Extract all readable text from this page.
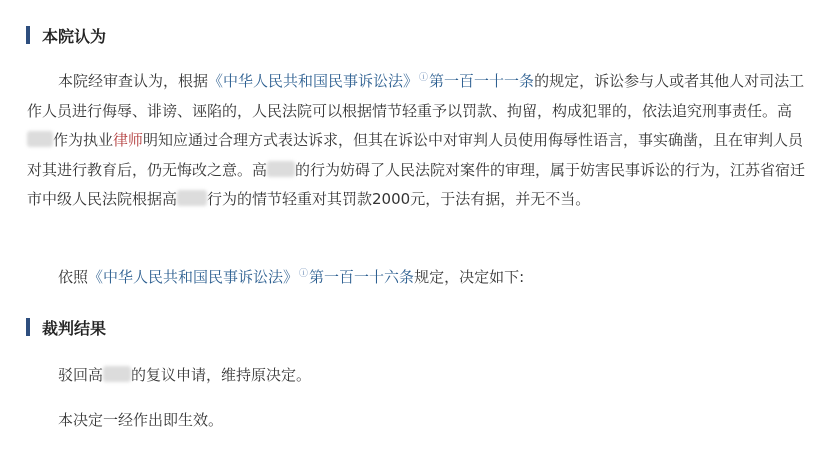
本院认为

本院经审查认为，根据《中华人民共和国民事诉讼法》ⓘ第一百一十一条的规定，诉讼参与人或者其他人对司法工作人员进行侮辱、诽谤、诬陷的，人民法院可以根据情节轻重予以罚款、拘留，构成犯罪的，依法追究刑事责任。高作为执业律师明知应通过合理方式表达诉求，但其在诉讼中对审判人员使用侮辱性语言，事实确凿，且在审判人员对其进行教育后，仍无悔改之意。高 的行为妨碍了人民法院对案件的审理，属于妨害民事诉讼的行为，江苏省宿迁市中级人民法院根据高 行为的情节轻重对其罚款2000元，于法有据，并无不当。

依照《中华人民共和国民事诉讼法》ⓘ第一百一十六条规定，决定如下:

裁判结果

驳回高 的复议申请，维持原决定。

本决定一经作出即生效。
